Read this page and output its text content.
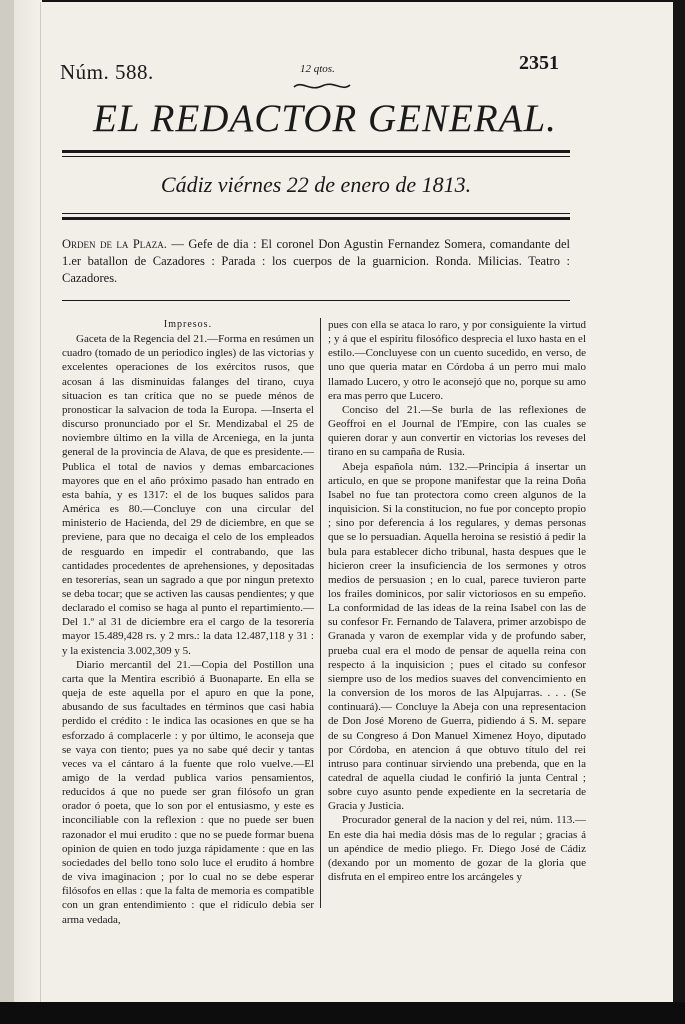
Núm. 588.	12 qtos.	2351
EL REDACTOR GENERAL.
Cádiz viérnes 22 de enero de 1813.
Orden de la Plaza. — Gefe de dia : El coronel Don Agustin Fernandez Somera, comandante del 1.er batallon de Cazadores : Parada : los cuerpos de la guarnicion. Ronda. Milicias. Teatro : Cazadores.

Impresos.

Gaceta de la Regencia del 21.—Forma en resúmen un cuadro (tomado de un periodico ingles) de las victorias y excelentes operaciones de los exércitos rusos, que acosan á las disminuidas falanges del tirano, cuya situacion es tan crítica que no se puede ménos de pronosticar la salvacion de toda la Europa. —Inserta el discurso pronunciado por el Sr. Mendizabal el 25 de noviembre último en la villa de Arceniega, en la junta general de la provincia de Alava, de que es presidente.—Publica el total de navios y demas embarcaciones mayores que en el año próximo pasado han entrado en esta bahía, y es 1317: el de los buques salidos para América es 80.—Concluye con una circular del ministerio de Hacienda, del 29 de diciembre, en que se previene, para que no decaiga el celo de los empleados de resguardo en impedir el contrabando, que las cantidades procedentes de aprehensiones, y depositadas en tesorerías, sean un sagrado a que por ningun pretexto se deba tocar; que se activen las causas pendientes; y que declarado el comiso se haga al punto el repartimiento.— Del 1.º al 31 de diciembre era el cargo de la tesorería mayor 15.489,428 rs. y 2 mrs.: la data 12.487,118 y 31 : y la existencia 3.002,309 y 5.

Diario mercantil del 21.—Copia del Postillon una carta que la Mentira escribió á Buonaparte. En ella se queja de este aquella por el apuro en que la pone, abusando de sus facultades en términos que casi habia perdido el crédito : le indica las ocasiones en que se ha esforzado á complacerle : y por último, le aconseja que se vaya con tiento; pues ya no sabe qué decir y tantas veces va el cántaro á la fuente que rolo vuelve.—El amigo de la verdad publica varios pensamientos, reducidos á que no puede ser gran filósofo un gran orador ó poeta, que lo son por el entusiasmo, y este es inconciliable con la reflexion : que no puede ser buen razonador el mui erudito : que no se puede formar buena opinion de quien en todo juzga rápidamente : que en las sociedades del bello tono solo luce el erudito á hombre de viva imaginacion ; por lo cual no se debe esperar filósofos en ellas : que la falta de memoria es compatible con un gran entendimiento : que el ridículo debia ser arma vedada,

pues con ella se ataca lo raro, y por consiguiente la virtud ; y á que el espíritu filosófico desprecia el luxo hasta en el estilo.—Concluyese con un cuento sucedido, en verso, de uno que queria matar en Córdoba á un perro mui malo llamado Lucero, y otro le aconsejó que no, porque su amo era mas perro que Lucero.

Conciso del 21.—Se burla de las reflexiones de Geoffroi en el Journal de l'Empire, con las cuales se quieren dorar y aun convertir en victorias los reveses del tirano en su campaña de Rusia.

Abeja española núm. 132.—Principia á insertar un articulo, en que se propone manifestar que la reina Doña Isabel no fue tan protectora como creen algunos de la inquisicion. Si la constitucion, no fue por concepto propio ; sino por deferencia á los regulares, y demas personas que se lo persuadian. Aquella heroina se resistió á pedir la bula para establecer dicho tribunal, hasta despues que le hicieron creer la insuficiencia de los sermones y otros medios de persuasion ; en lo cual, parece tuvieron parte los frailes dominicos, por salir victoriosos en su empeño. La conformidad de las ideas de la reina Isabel con las de su confesor Fr. Fernando de Talavera, primer arzobispo de Granada y varon de exemplar vida y de profundo saber, prueba cual era el modo de pensar de aquella reina con respecto á la inquisicion ; pues el citado su confesor siempre uso de los medios suaves del convencimiento en la conversion de los moros de las Alpujarras. . . . (Se continuará).— Concluye la Abeja con una representacion de Don José Moreno de Guerra, pidiendo á S. M. separe de su Congreso á Don Manuel Ximenez Hoyo, diputado por Córdoba, en atencion á que obtuvo título del rei intruso para continuar sirviendo una prebenda, que en la catedral de aquella ciudad le confirió la junta Central ; sobre cuyo asunto pende expediente en la secretaría de Gracia y Justicia.

Procurador general de la nacion y del rei, núm. 113.—En este dia hai media dósis mas de lo regular ; gracias á un apéndice de medio pliego. Fr. Diego José de Cádiz (dexando por un momento de gozar de la gloria que disfruta en el empireo entre los arcángeles y
